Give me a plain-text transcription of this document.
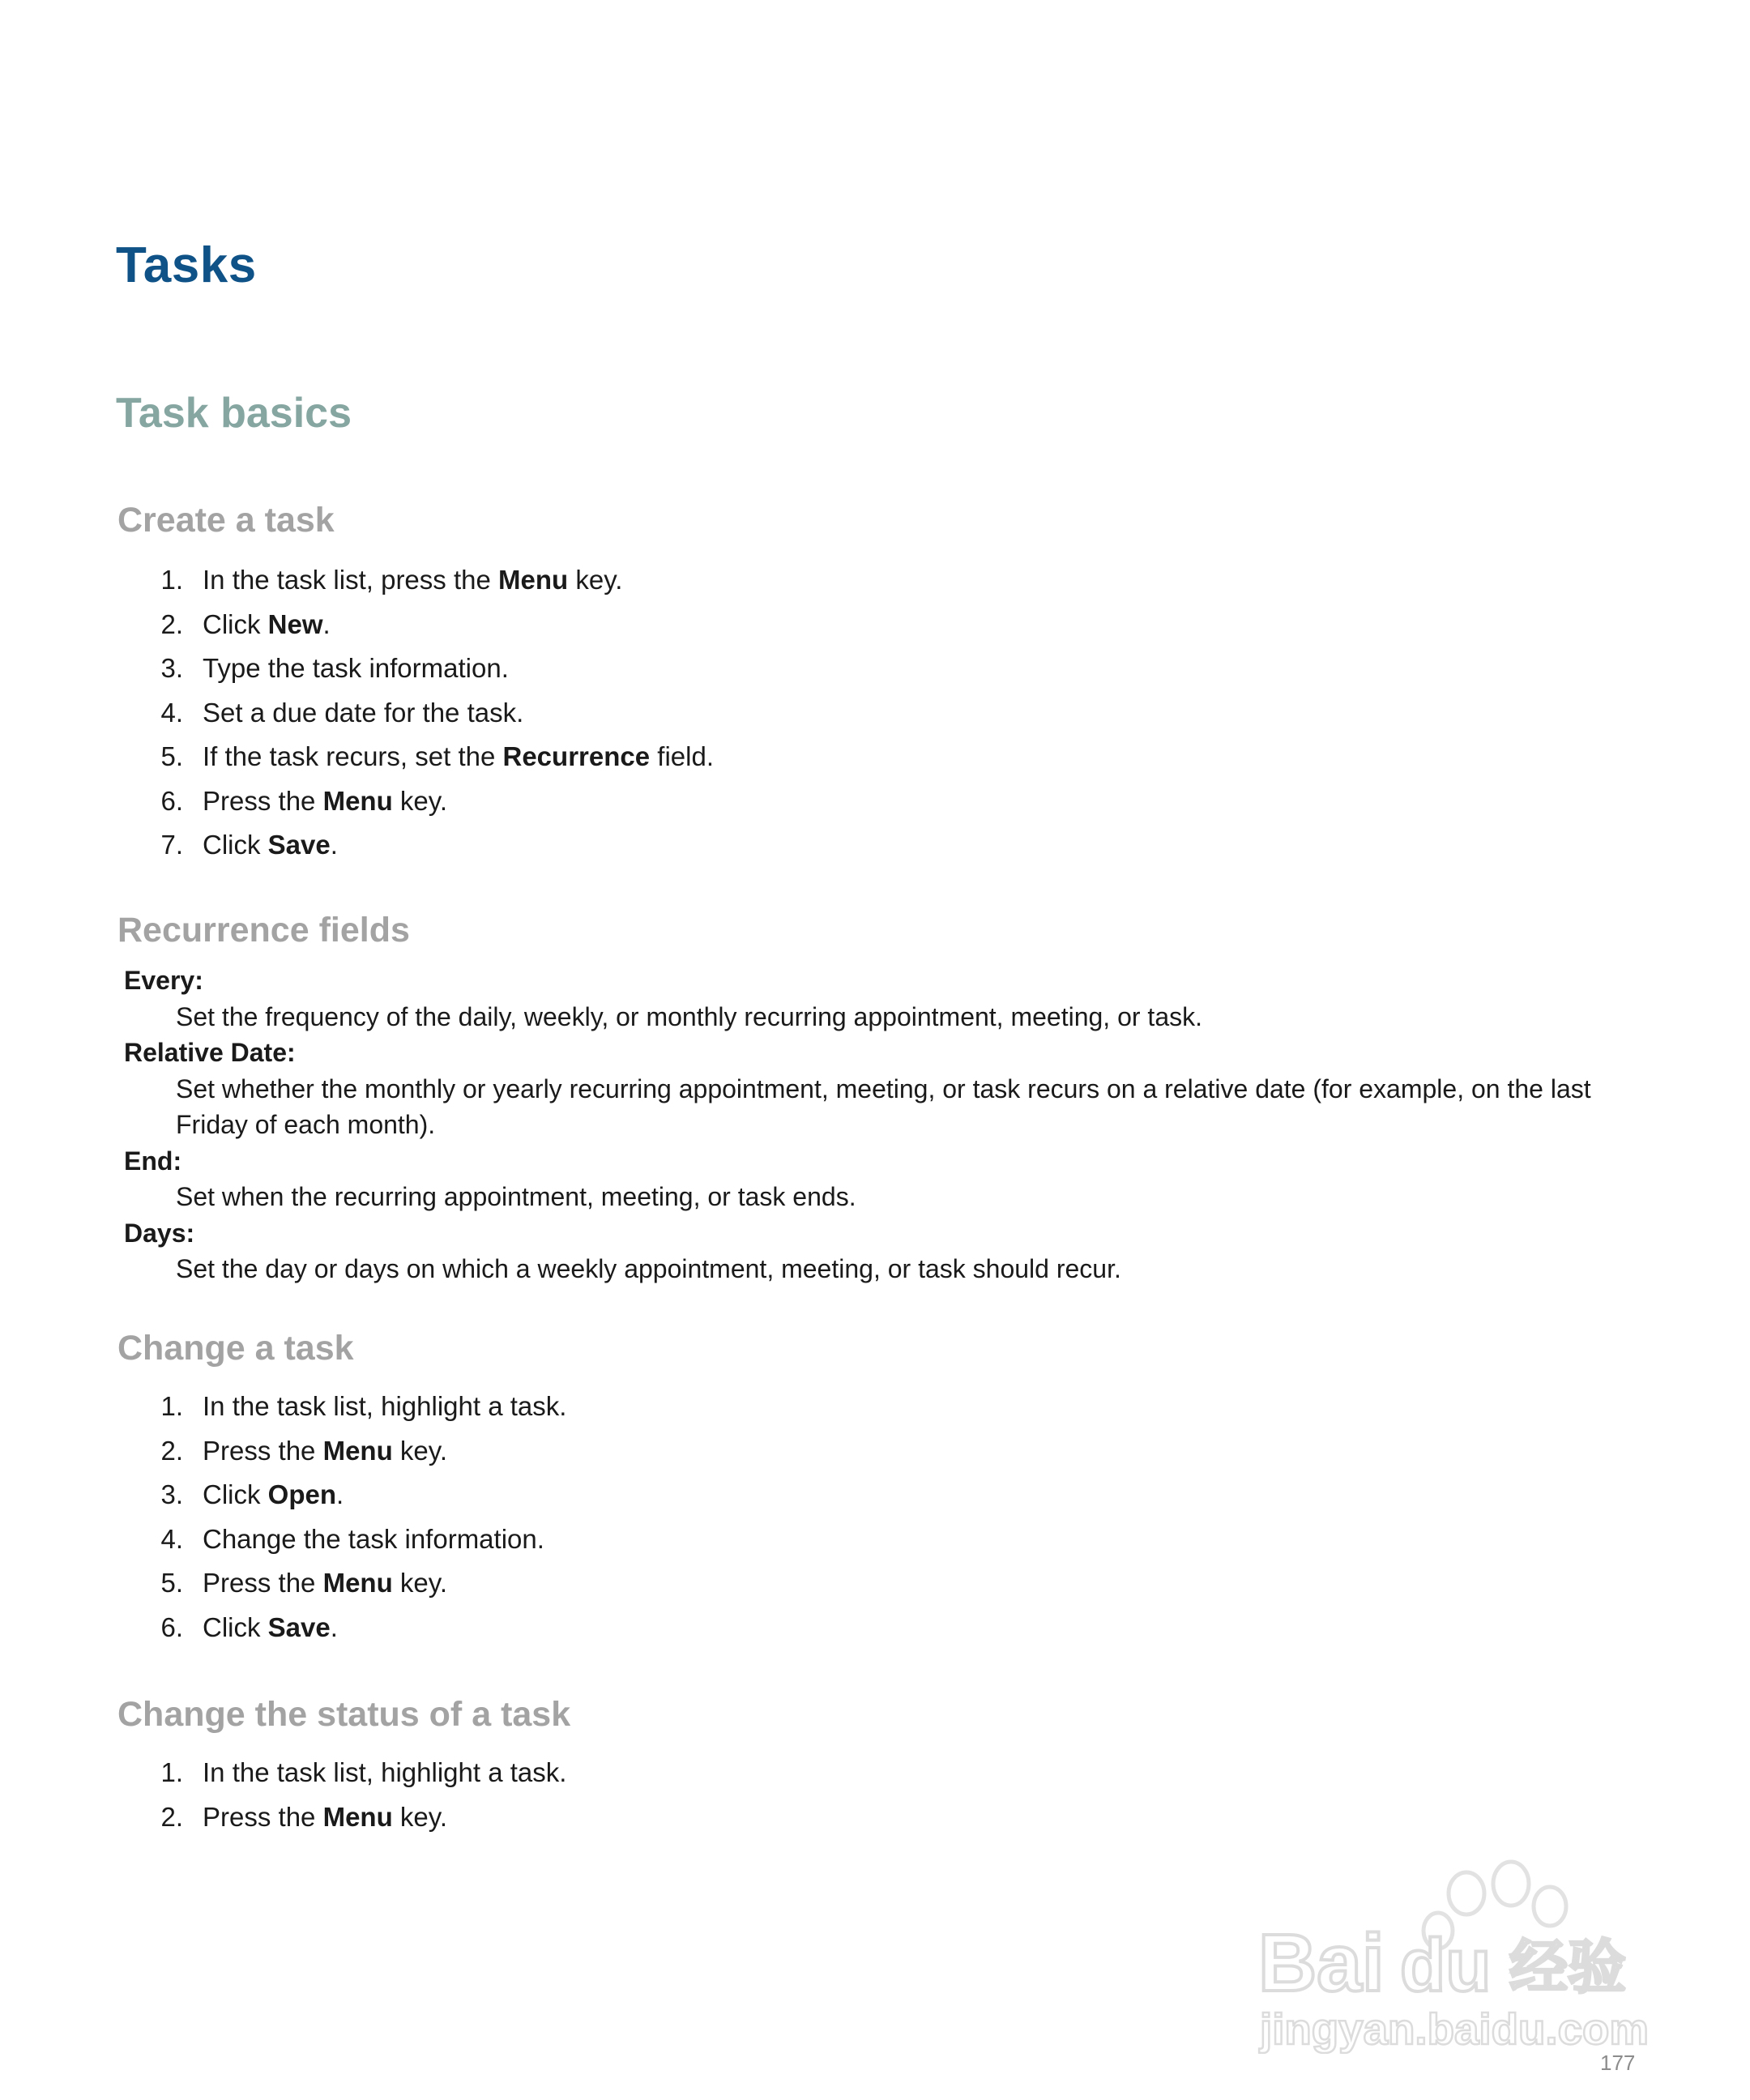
Tasks
Task basics
Create a task
1. In the task list, press the Menu key.
2. Click New.
3. Type the task information.
4. Set a due date for the task.
5. If the task recurs, set the Recurrence field.
6. Press the Menu key.
7. Click Save.
Recurrence fields
Every:
Set the frequency of the daily, weekly, or monthly recurring appointment, meeting, or task.
Relative Date:
Set whether the monthly or yearly recurring appointment, meeting, or task recurs on a relative date (for example, on the last Friday of each month).
End:
Set when the recurring appointment, meeting, or task ends.
Days:
Set the day or days on which a weekly appointment, meeting, or task should recur.
Change a task
1. In the task list, highlight a task.
2. Press the Menu key.
3. Click Open.
4. Change the task information.
5. Press the Menu key.
6. Click Save.
Change the status of a task
1. In the task list, highlight a task.
2. Press the Menu key.
Bai du 经验
jingyan.baidu.com
177
